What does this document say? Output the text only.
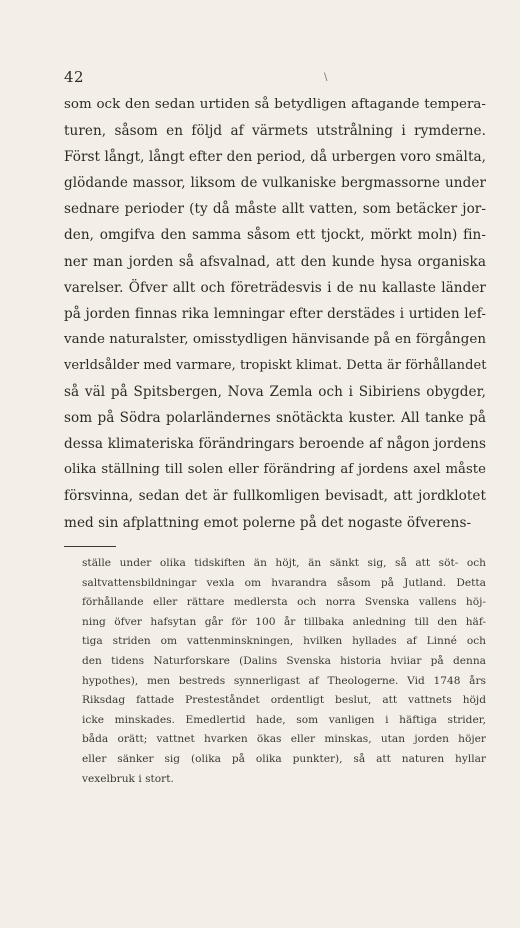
42	\
som ock den sedan urtiden så betydligen aftagande tempera-
turen, såsom en följd af värmets utstrålning i rymderne.
Först långt, långt efter den period, då urbergen voro smälta,
glödande massor, liksom de vulkaniske bergmassorne under
sednare perioder (ty då måste allt vatten, som betäcker jor-
den, omgifva den samma såsom ett tjockt, mörkt moln) fin-
ner man jorden så afsvalnad, att den kunde hysa organiska
varelser. Öfver allt och företrädesvis i de nu kallaste länder
på jorden finnas rika lemningar efter derstädes i urtiden lef-
vande naturalster, omisstydligen hänvisande på en förgången
verldsålder med varmare, tropiskt klimat. Detta är förhållandet
så väl på Spitsbergen, Nova Zemla och i Sibiriens obygder,
som på Södra polarländernes snötäckta kuster. All tanke på
dessa klimateriska förändringars beroende af någon jordens
olika ställning till solen eller förändring af jordens axel måste
försvinna, sedan det är fullkomligen bevisadt, att jordklotet
med sin afplattning emot polerne på det nogaste öfverens-
ställe under olika tidskiften än höjt, än sänkt sig, så att söt- och
saltvattensbildningar vexla om hvarandra såsom på Jutland. Detta
förhållande eller rättare medlersta och norra Svenska vallens höj-
ning öfver hafsytan går för 100 år tillbaka anledning till den häf-
tiga striden om vattenminskningen, hvilken hyllades af Linné och
den tidens Naturforskare (Dalins Svenska historia hviiar på denna
hypothes), men bestreds synnerligast af Theologerne. Vid 1748 års
Riksdag fattade Presteståndet ordentligt beslut, att vattnets höjd
icke minskades. Emedlertid hade, som vanligen i häftiga strider,
båda orätt; vattnet hvarken ökas eller minskas, utan jorden höjer
eller sänker sig (olika på olika punkter), så att naturen hyllar
vexelbruk i stort.
